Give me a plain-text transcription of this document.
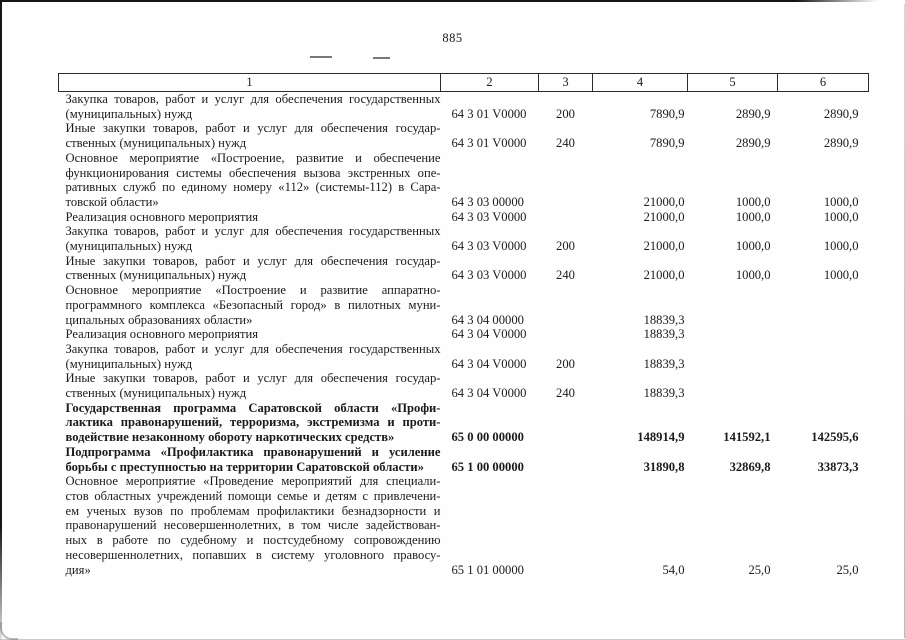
885
1	2	3	4	5	6

Закупка товаров, работ и услуг для обеспечения государственных
(муниципальных) нужд	64 3 01 V0000	200	7890,9	2890,9	2890,9

Иные закупки товаров, работ и услуг для обеспечения государ-
ственных (муниципальных) нужд	64 3 01 V0000	240	7890,9	2890,9	2890,9

Основное мероприятие «Построение, развитие и обеспечение
функционирования системы обеспечения вызова экстренных опе-
ративных служб по единому номеру «112» (системы-112) в Сара-
товской области»	64 3 03 00000		21000,0	1000,0	1000,0

Реализация основного мероприятия	64 3 03 V0000		21000,0	1000,0	1000,0

Закупка товаров, работ и услуг для обеспечения государственных
(муниципальных) нужд	64 3 03 V0000	200	21000,0	1000,0	1000,0

Иные закупки товаров, работ и услуг для обеспечения государ-
ственных (муниципальных) нужд	64 3 03 V0000	240	21000,0	1000,0	1000,0

Основное мероприятие «Построение и развитие аппаратно-
программного комплекса «Безопасный город» в пилотных муни-
ципальных образованиях области»	64 3 04 00000		18839,3		

Реализация основного мероприятия	64 3 04 V0000		18839,3		

Закупка товаров, работ и услуг для обеспечения государственных
(муниципальных) нужд	64 3 04 V0000	200	18839,3		

Иные закупки товаров, работ и услуг для обеспечения государ-
ственных (муниципальных) нужд	64 3 04 V0000	240	18839,3		

Государственная программа Саратовской области «Профи-
лактика правонарушений, терроризма, экстремизма и проти-
водействие незаконному обороту наркотических средств»	65 0 00 00000		148914,9	141592,1	142595,6

Подпрограмма «Профилактика правонарушений и усиление
борьбы с преступностью на территории Саратовской области»	65 1 00 00000		31890,8	32869,8	33873,3

Основное мероприятие «Проведение мероприятий для специали-
стов областных учреждений помощи семье и детям с привлечени-
ем ученых вузов по проблемам профилактики безнадзорности и
правонарушений несовершеннолетних, в том числе задействован-
ных в работе по судебному и постсудебному сопровождению
несовершеннолетних, попавших в систему уголовного правосу-
дия»	65 1 01 00000		54,0	25,0	25,0
